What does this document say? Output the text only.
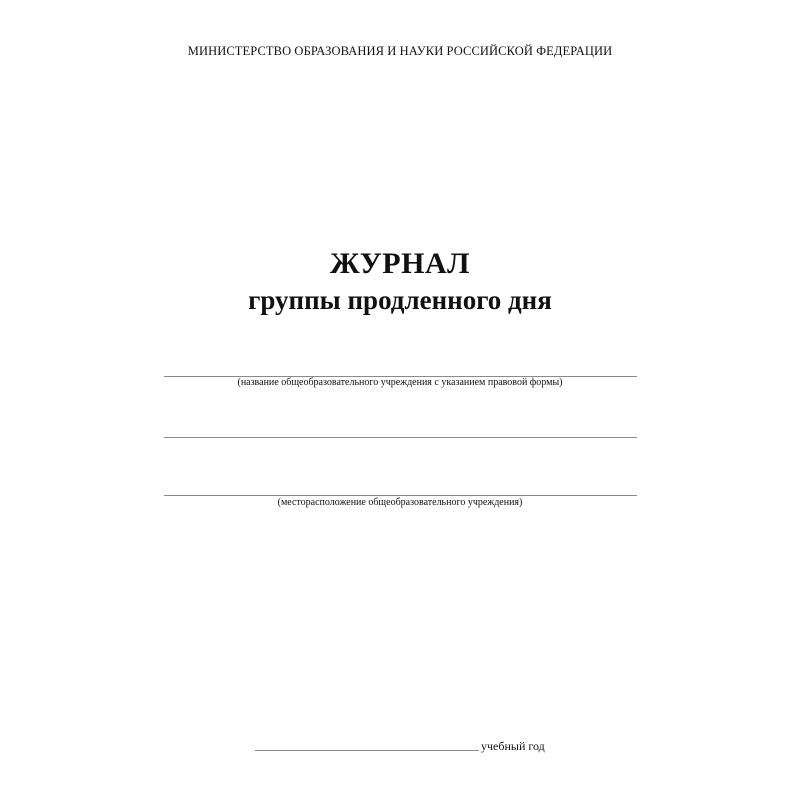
МИНИСТЕРСТВО ОБРАЗОВАНИЯ И НАУКИ РОССИЙСКОЙ ФЕДЕРАЦИИ
ЖУРНАЛ
группы продленного дня
(название общеобразовательного учреждения с указанием правовой формы)
(месторасположение общеобразовательного учреждения)
учебный год
